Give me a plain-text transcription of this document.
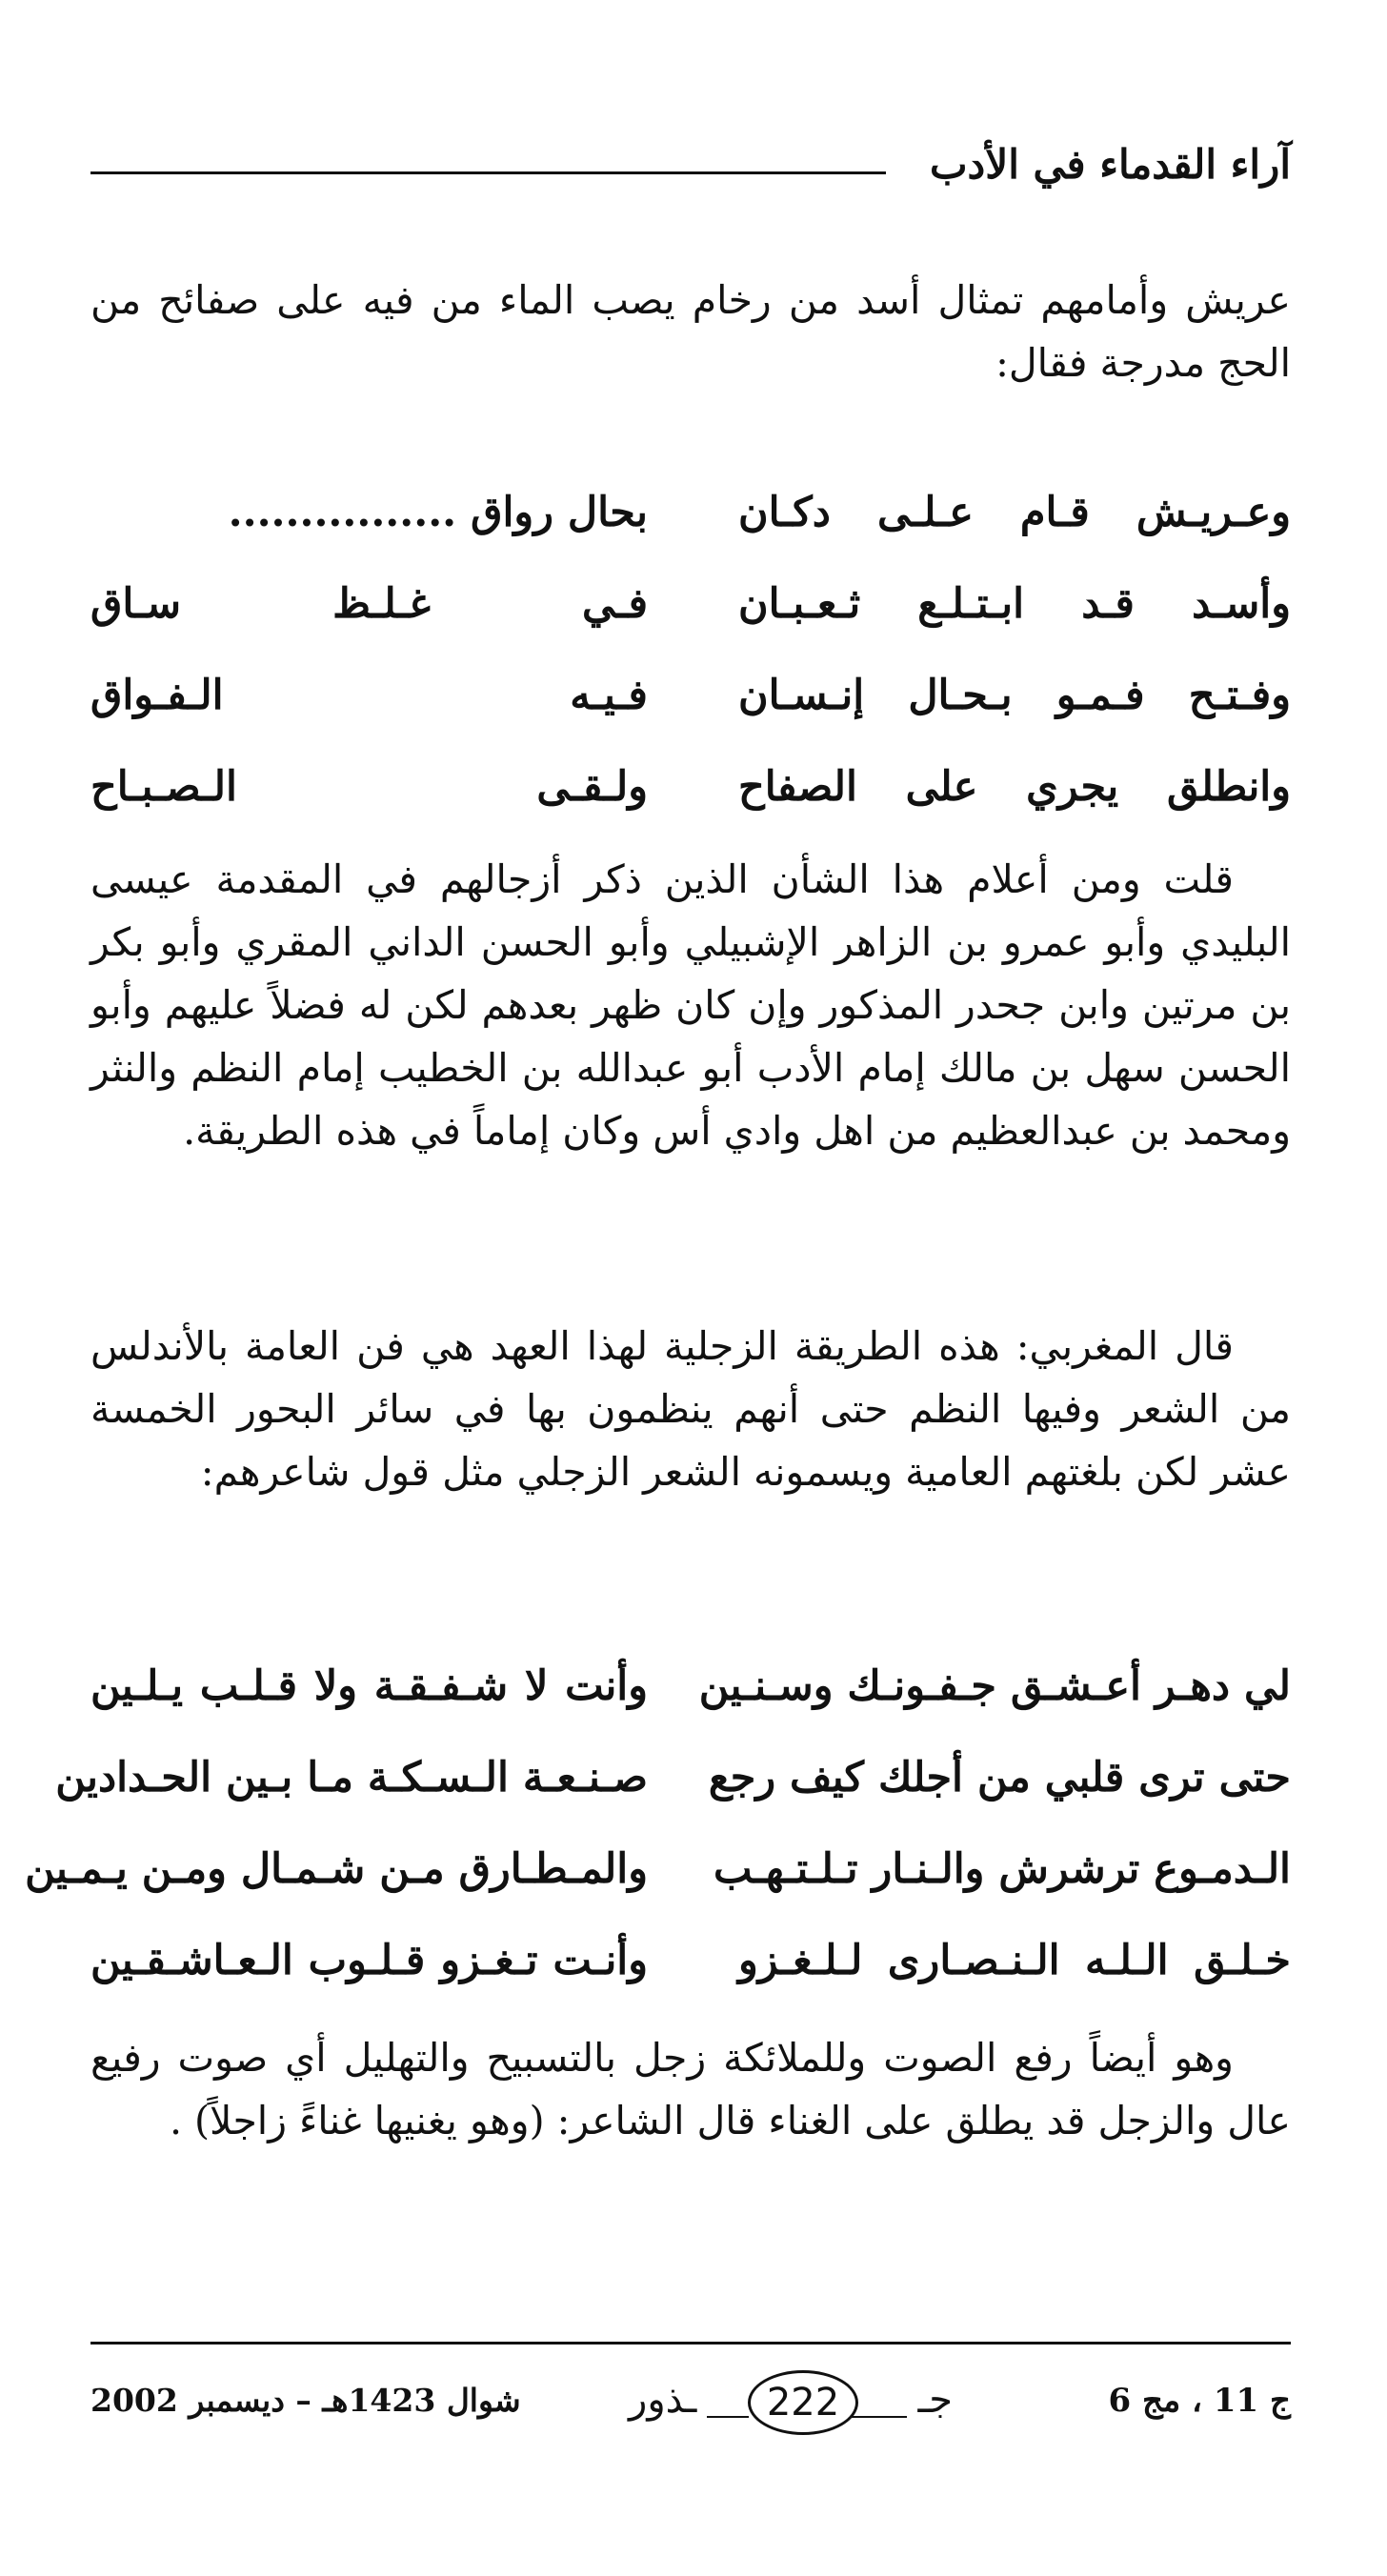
آراء القدماء في الأدب

عريش وأمامهم تمثال أسد من رخام يصب الماء من فيه على صفائح من الحج مدرجة فقال:

وعـريـش قـام عـلـى دكـان
بحال رواق ................
وأسـد قـد ابـتـلـع ثـعـبـان
فـي غـلـظ سـاق
وفـتـح فـمـو بـحـال إنـسـان
فـيـه الـفـواق
وانطلق يجري على الصفاح
ولـقـى الـصـبـاح

قلت ومن أعلام هذا الشأن الذين ذكر أزجالهم في المقدمة عيسى البليدي وأبو عمرو بن الزاهر الإشبيلي وأبو الحسن الداني المقري وأبو بكر بن مرتين وابن جحدر المذكور وإن كان ظهر بعدهم لكن له فضلاً عليهم وأبو الحسن سهل بن مالك إمام الأدب أبو عبدالله بن الخطيب إمام النظم والنثر ومحمد بن عبدالعظيم من اهل وادي أس وكان إماماً في هذه الطريقة.

قال المغربي: هذه الطريقة الزجلية لهذا العهد هي فن العامة بالأندلس من الشعر وفيها النظم حتى أنهم ينظمون بها في سائر البحور الخمسة عشر لكن بلغتهم العامية ويسمونه الشعر الزجلي مثل قول شاعرهم:

لي دهـر أعـشـق جـفـونـك وسـنـين
وأنت لا شـفـقـة ولا قـلـب يـلـين
حتى ترى قلبي من أجلك كيف رجع
صـنـعـة الـسـكـة مـا بـين الحـدادين
الـدمـوع ترشرش والـنـار تـلـتـهـب
والمـطـارق مـن شـمـال ومـن يـمـين
خـلـق الـلـه الـنـصـارى لـلـغـزو
وأنـت تـغـزو قـلـوب الـعـاشـقـين

وهو أيضاً رفع الصوت وللملائكة زجل بالتسبيح والتهليل أي صوت رفيع عال والزجل قد يطلق على الغناء قال الشاعر: (وهو يغنيها غناءً زاجلاً) .

ج 11 ، مج 6
جـ
222
ـذور
شوال 1423هـ – ديسمبر 2002
